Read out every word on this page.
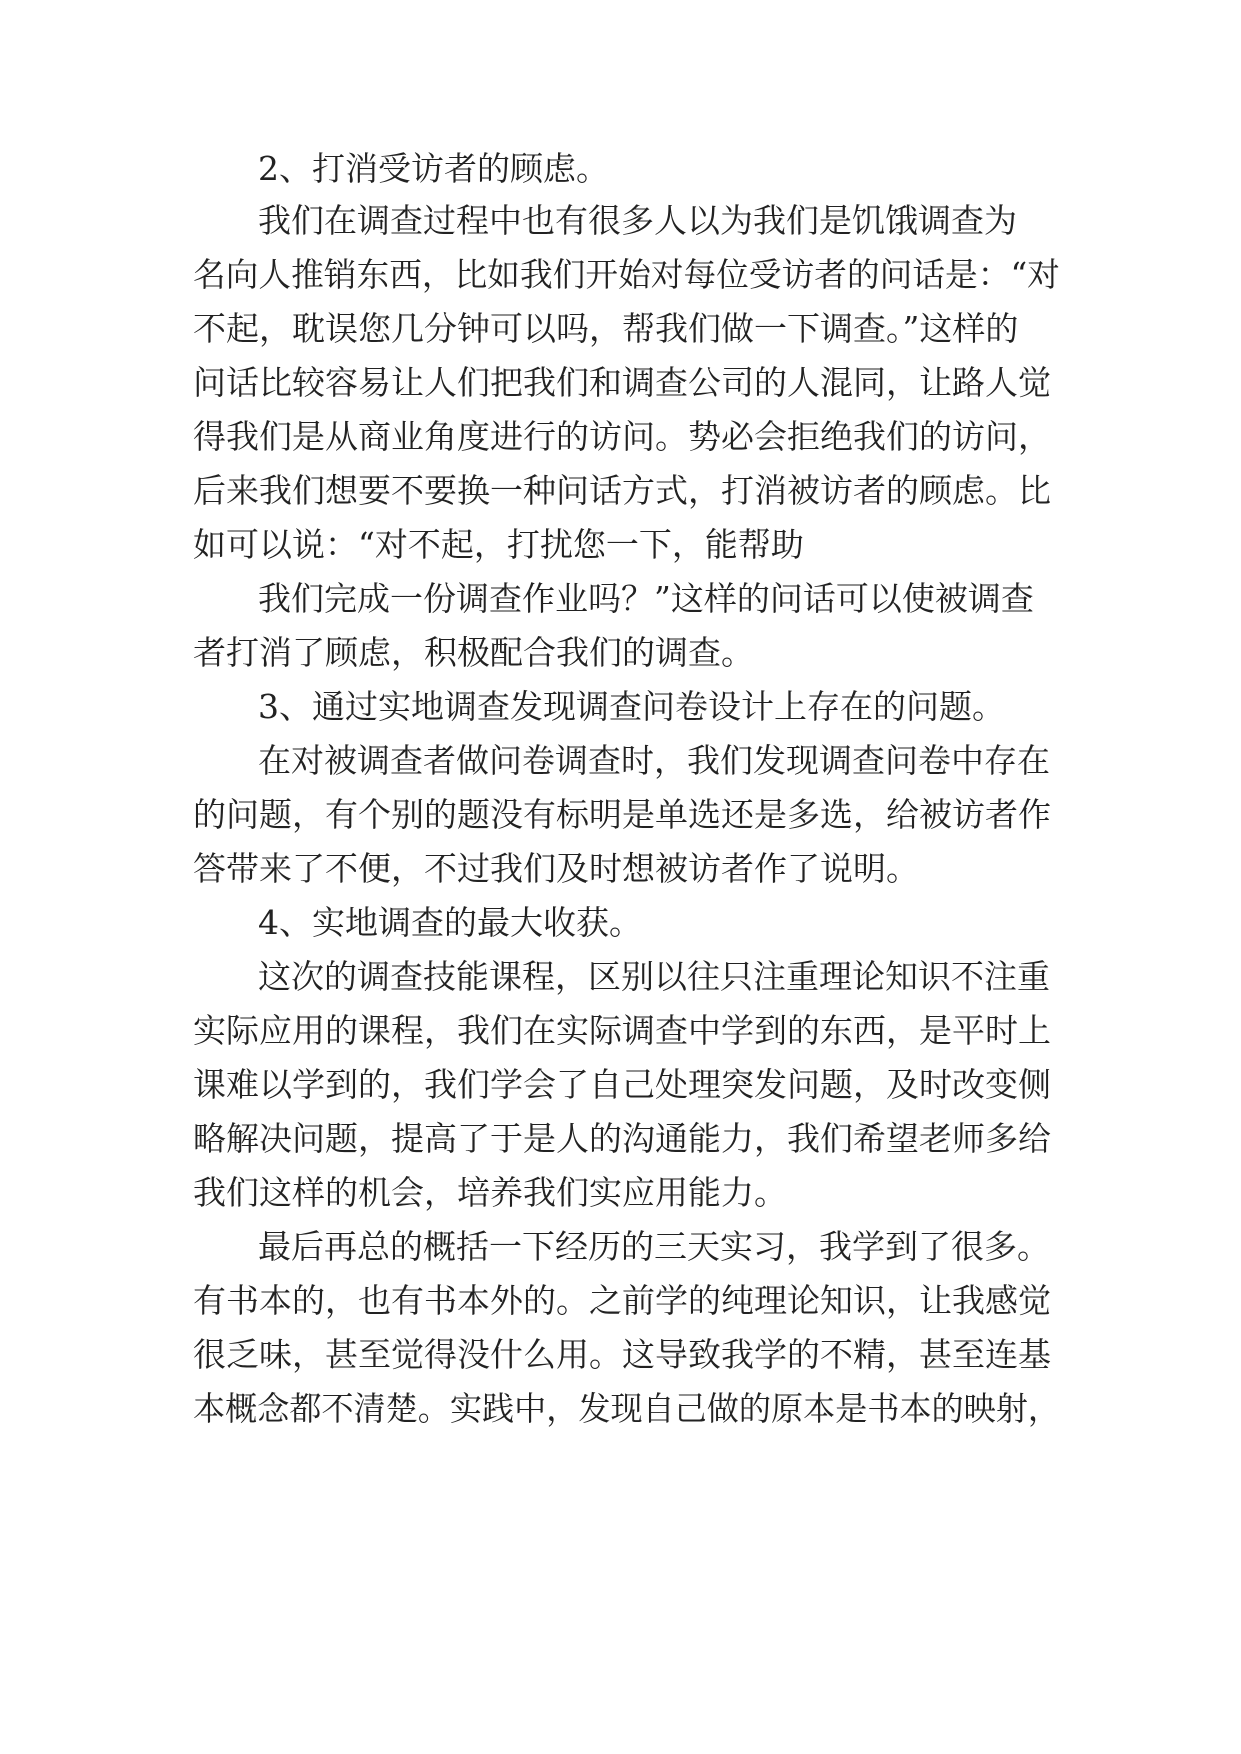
2、打消受访者的顾虑。
我们在调查过程中也有很多人以为我们是饥饿调查为
名向人推销东西，比如我们开始对每位受访者的问话是：“对
不起，耽误您几分钟可以吗，帮我们做一下调查。”这样的
问话比较容易让人们把我们和调查公司的人混同，让路人觉
得我们是从商业角度进行的访问。势必会拒绝我们的访问，
后来我们想要不要换一种问话方式，打消被访者的顾虑。比
如可以说：“对不起，打扰您一下，能帮助
我们完成一份调查作业吗？”这样的问话可以使被调查
者打消了顾虑，积极配合我们的调查。
3、通过实地调查发现调查问卷设计上存在的问题。
在对被调查者做问卷调查时，我们发现调查问卷中存在
的问题，有个别的题没有标明是单选还是多选，给被访者作
答带来了不便，不过我们及时想被访者作了说明。
4、实地调查的最大收获。
这次的调查技能课程，区别以往只注重理论知识不注重
实际应用的课程，我们在实际调查中学到的东西，是平时上
课难以学到的，我们学会了自己处理突发问题，及时改变侧
略解决问题，提高了于是人的沟通能力，我们希望老师多给
我们这样的机会，培养我们实应用能力。
最后再总的概括一下经历的三天实习，我学到了很多。
有书本的，也有书本外的。之前学的纯理论知识，让我感觉
很乏味，甚至觉得没什么用。这导致我学的不精，甚至连基
本概念都不清楚。实践中，发现自己做的原本是书本的映射，
